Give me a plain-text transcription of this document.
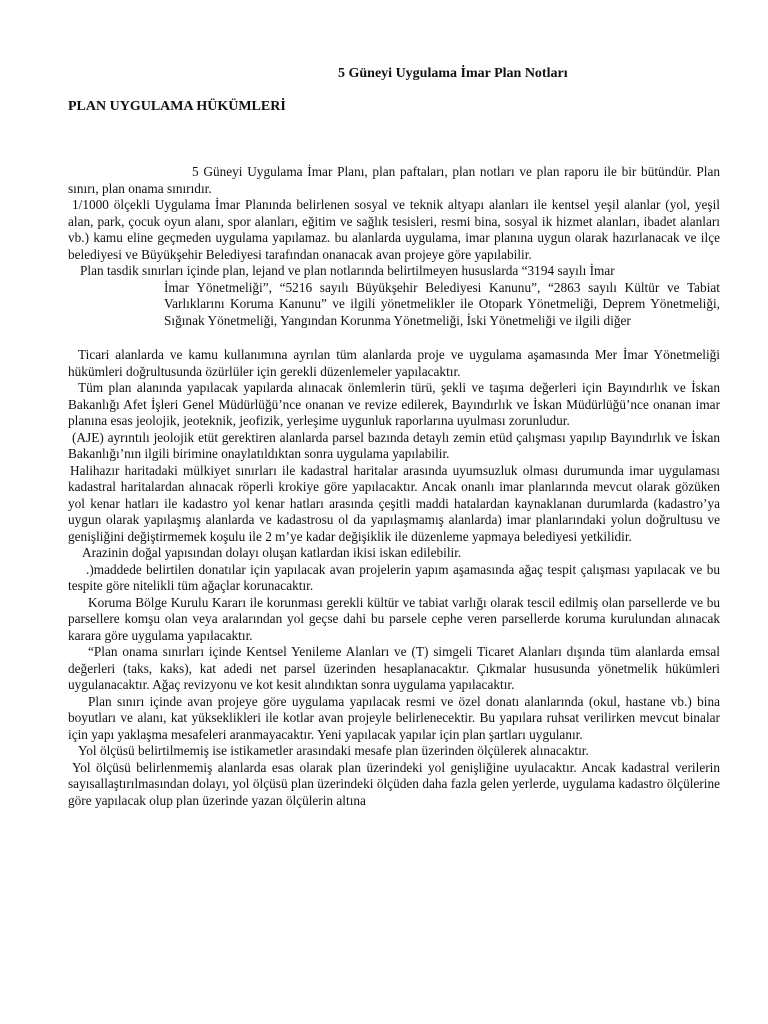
5 Güneyi Uygulama İmar Plan Notları
PLAN UYGULAMA HÜKÜMLERİ

5 Güneyi Uygulama İmar Planı, plan paftaları, plan notları ve plan raporu ile bir bütündür. Plan sınırı, plan onama sınırıdır.

1/1000 ölçekli Uygulama İmar Planında belirlenen sosyal ve teknik altyapı alanları ile kentsel yeşil alanlar (yol, yeşil alan, park, çocuk oyun alanı, spor alanları, eğitim ve sağlık tesisleri, resmi bina, sosyal ik hizmet alanları, ibadet alanları vb.) kamu eline geçmeden uygulama yapılamaz. bu alanlarda uygulama, imar planına uygun olarak hazırlanacak ve ilçe belediyesi ve Büyükşehir Belediyesi tarafından onanacak avan projeye göre yapılabilir.

Plan tasdik sınırları içinde plan, lejand ve plan notlarında belirtilmeyen hususlarda “3194 sayılı İmar
İmar Yönetmeliği”, “5216 sayılı Büyükşehir Belediyesi Kanunu”, “2863 sayılı Kültür ve Tabiat Varlıklarını Koruma Kanunu” ve ilgili yönetmelikler ile Otopark Yönetmeliği, Deprem Yönetmeliği, Sığınak Yönetmeliği, Yangından Korunma Yönetmeliği, İski Yönetmeliği ve ilgili diğer

Ticari alanlarda ve kamu kullanımına ayrılan tüm alanlarda proje ve uygulama aşamasında Mer İmar Yönetmeliği hükümleri doğrultusunda özürlüler için gerekli düzenlemeler yapılacaktır.

Tüm plan alanında yapılacak yapılarda alınacak önlemlerin türü, şekli ve taşıma değerleri için Bayındırlık ve İskan Bakanlığı Afet İşleri Genel Müdürlüğü’nce onanan ve revize edilerek, Bayındırlık ve İskan Müdürlüğü’nce onanan imar planına esas jeolojik, jeoteknik, jeofizik, yerleşime uygunluk raporlarına uyulması zorunludur.

(AJE) ayrıntılı jeolojik etüt gerektiren alanlarda parsel bazında detaylı zemin etüd çalışması yapılıp Bayındırlık ve İskan Bakanlığı’nın ilgili birimine onaylatıldıktan sonra uygulama yapılabilir.

Halihazır haritadaki mülkiyet sınırları ile kadastral haritalar arasında uyumsuzluk olması durumunda imar uygulaması kadastral haritalardan alınacak röperli krokiye göre yapılacaktır. Ancak onanlı imar planlarında mevcut olarak gözüken yol kenar hatları ile kadastro yol kenar hatları arasında çeşitli maddi hatalardan kaynaklanan durumlarda (kadastro’ya uygun olarak yapılaşmış alanlarda ve kadastrosu ol da yapılaşmamış alanlarda) imar planlarındaki yolun doğrultusu ve genişliğini değiştirmemek koşulu ile 2 m’ye kadar değişiklik ile düzenleme yapmaya belediyesi yetkilidir.

Arazinin doğal yapısından dolayı oluşan katlardan ikisi iskan edilebilir.

.)maddede belirtilen donatılar için yapılacak avan projelerin yapım aşamasında ağaç tespit çalışması yapılacak ve bu tespite göre nitelikli tüm ağaçlar korunacaktır.

Koruma Bölge Kurulu Kararı ile korunması gerekli kültür ve tabiat varlığı olarak tescil edilmiş olan parsellerde ve bu parsellere komşu olan veya aralarından yol geçse dahi bu parsele cephe veren parsellerde koruma kurulundan alınacak karara göre uygulama yapılacaktır.

“Plan onama sınırları içinde Kentsel Yenileme Alanları ve (T) simgeli Ticaret Alanları dışında tüm alanlarda emsal değerleri (taks, kaks), kat adedi net parsel üzerinden hesaplanacaktır. Çıkmalar hususunda yönetmelik hükümleri uygulanacaktır. Ağaç revizyonu ve kot kesit alındıktan sonra uygulama yapılacaktır.

Plan sınırı içinde avan projeye göre uygulama yapılacak resmi ve özel donatı alanlarında (okul, hastane vb.) bina boyutları ve alanı, kat yükseklikleri ile kotlar avan projeyle belirlenecektir. Bu yapılara ruhsat verilirken mevcut binalar için yapı yaklaşma mesafeleri aranmayacaktır. Yeni yapılacak yapılar için plan şartları uygulanır.

Yol ölçüsü belirtilmemiş ise istikametler arasındaki mesafe plan üzerinden ölçülerek alınacaktır.

Yol ölçüsü belirlenmemiş alanlarda esas olarak plan üzerindeki yol genişliğine uyulacaktır. Ancak kadastral verilerin sayısallaştırılmasından dolayı, yol ölçüsü plan üzerindeki ölçüden daha fazla gelen yerlerde, uygulama kadastro ölçülerine göre yapılacak olup plan üzerinde yazan ölçülerin altına
